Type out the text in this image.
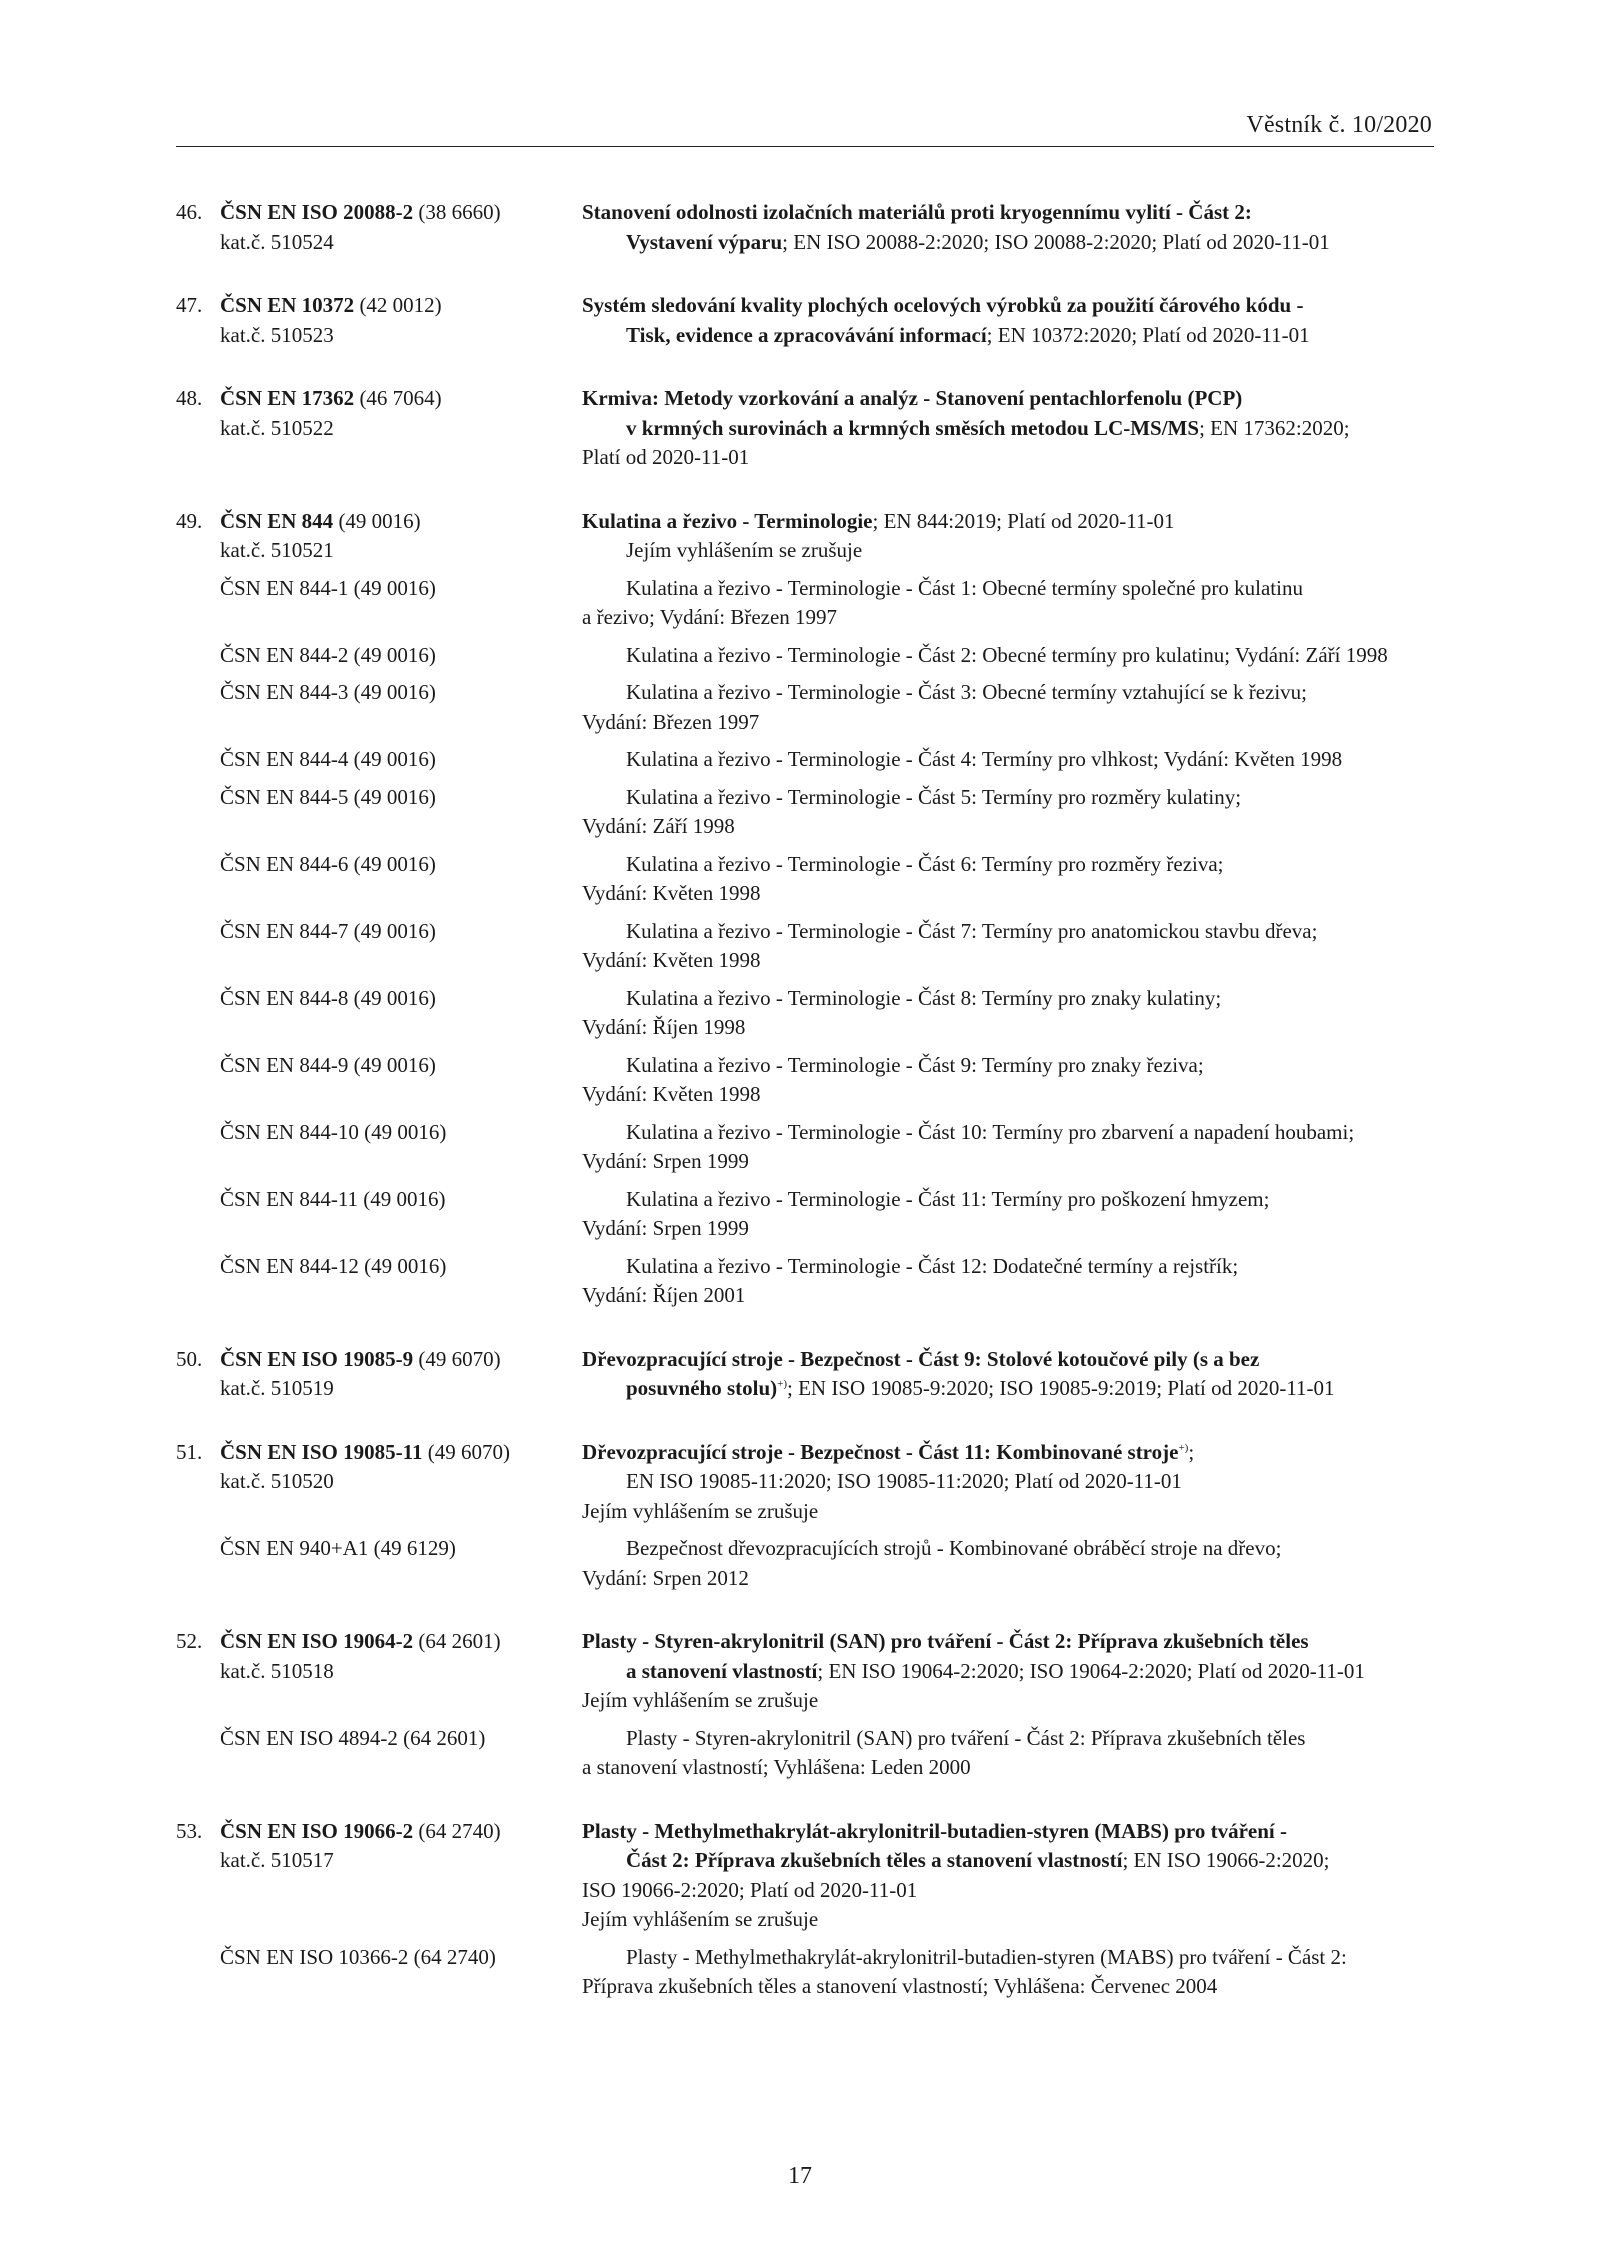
Věstník č. 10/2020
46. ČSN EN ISO 20088-2 (38 6660)	Stanovení odolnosti izolačních materiálů proti kryogennímu vylití - Část 2:
kat.č. 510524	Vystavení výparu; EN ISO 20088-2:2020; ISO 20088-2:2020; Platí od 2020-11-01
47. ČSN EN 10372 (42 0012)	Systém sledování kvality plochých ocelových výrobků za použití čárového kódu -
kat.č. 510523	Tisk, evidence a zpracovávání informací; EN 10372:2020; Platí od 2020-11-01
48. ČSN EN 17362 (46 7064)	Krmiva: Metody vzorkování a analýz - Stanovení pentachlorfenolu (PCP)
kat.č. 510522	v krmných surovinách a krmných směsích metodou LC-MS/MS; EN 17362:2020;
Platí od 2020-11-01
49. ČSN EN 844 (49 0016)	Kulatina a řezivo - Terminologie; EN 844:2019; Platí od 2020-11-01
kat.č. 510521	Jejím vyhlášením se zrušuje
ČSN EN 844-1 (49 0016)	Kulatina a řezivo - Terminologie - Část 1: Obecné termíny společné pro kulatinu
a řezivo; Vydání: Březen 1997
ČSN EN 844-2 (49 0016)	Kulatina a řezivo - Terminologie - Část 2: Obecné termíny pro kulatinu; Vydání: Září 1998
ČSN EN 844-3 (49 0016)	Kulatina a řezivo - Terminologie - Část 3: Obecné termíny vztahující se k řezivu;
Vydání: Březen 1997
ČSN EN 844-4 (49 0016)	Kulatina a řezivo - Terminologie - Část 4: Termíny pro vlhkost; Vydání: Květen 1998
ČSN EN 844-5 (49 0016)	Kulatina a řezivo - Terminologie - Část 5: Termíny pro rozměry kulatiny;
Vydání: Září 1998
ČSN EN 844-6 (49 0016)	Kulatina a řezivo - Terminologie - Část 6: Termíny pro rozměry řeziva;
Vydání: Květen 1998
ČSN EN 844-7 (49 0016)	Kulatina a řezivo - Terminologie - Část 7: Termíny pro anatomickou stavbu dřeva;
Vydání: Květen 1998
ČSN EN 844-8 (49 0016)	Kulatina a řezivo - Terminologie - Část 8: Termíny pro znaky kulatiny;
Vydání: Říjen 1998
ČSN EN 844-9 (49 0016)	Kulatina a řezivo - Terminologie - Část 9: Termíny pro znaky řeziva;
Vydání: Květen 1998
ČSN EN 844-10 (49 0016)	Kulatina a řezivo - Terminologie - Část 10: Termíny pro zbarvení a napadení houbami;
Vydání: Srpen 1999
ČSN EN 844-11 (49 0016)	Kulatina a řezivo - Terminologie - Část 11: Termíny pro poškození hmyzem;
Vydání: Srpen 1999
ČSN EN 844-12 (49 0016)	Kulatina a řezivo - Terminologie - Část 12: Dodatečné termíny a rejstřík;
Vydání: Říjen 2001
50. ČSN EN ISO 19085-9 (49 6070)	Dřevozpracující stroje - Bezpečnost - Část 9: Stolové kotoučové pily (s a bez
kat.č. 510519	posuvného stolu)+); EN ISO 19085-9:2020; ISO 19085-9:2019; Platí od 2020-11-01
51. ČSN EN ISO 19085-11 (49 6070)	Dřevozpracující stroje - Bezpečnost - Část 11: Kombinované stroje+);
kat.č. 510520	EN ISO 19085-11:2020; ISO 19085-11:2020; Platí od 2020-11-01
Jejím vyhlášením se zrušuje
ČSN EN 940+A1 (49 6129)	Bezpečnost dřevozpracujících strojů - Kombinované obráběcí stroje na dřevo;
Vydání: Srpen 2012
52. ČSN EN ISO 19064-2 (64 2601)	Plasty - Styren-akrylonitril (SAN) pro tváření - Část 2: Příprava zkušebních těles
kat.č. 510518	a stanovení vlastností; EN ISO 19064-2:2020; ISO 19064-2:2020; Platí od 2020-11-01
Jejím vyhlášením se zrušuje
ČSN EN ISO 4894-2 (64 2601)	Plasty - Styren-akrylonitril (SAN) pro tváření - Část 2: Příprava zkušebních těles
a stanovení vlastností; Vyhlášena: Leden 2000
53. ČSN EN ISO 19066-2 (64 2740)	Plasty - Methylmethakrylát-akrylonitril-butadien-styren (MABS) pro tváření -
kat.č. 510517	Část 2: Příprava zkušebních těles a stanovení vlastností; EN ISO 19066-2:2020;
ISO 19066-2:2020; Platí od 2020-11-01
Jejím vyhlášením se zrušuje
ČSN EN ISO 10366-2 (64 2740)	Plasty - Methylmethakrylát-akrylonitril-butadien-styren (MABS) pro tváření - Část 2:
Příprava zkušebních těles a stanovení vlastností; Vyhlášena: Červenec 2004
17
